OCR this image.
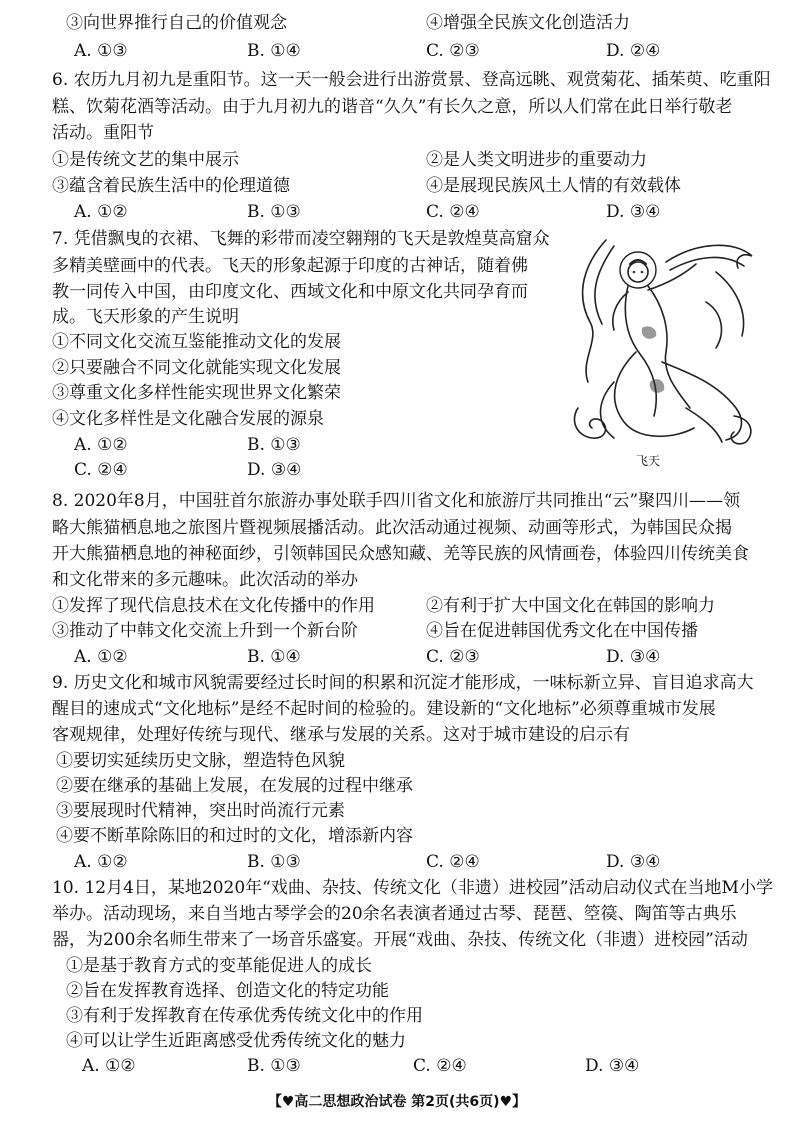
③向世界推行自己的价值观念	④增强全民族文化创造活力
A. ①③	B. ①④	C. ②③	D. ②④
6. 农历九月初九是重阳节。这一天一般会进行出游赏景、登高远眺、观赏菊花、插茱萸、吃重阳
糕、饮菊花酒等活动。由于九月初九的谐音“久久”有长久之意，所以人们常在此日举行敬老
活动。重阳节
①是传统文艺的集中展示	②是人类文明进步的重要动力
③蕴含着民族生活中的伦理道德	④是展现民族风土人情的有效载体
A. ①②	B. ①③	C. ②④	D. ③④
7. 凭借飘曳的衣裙、飞舞的彩带而凌空翱翔的飞天是敦煌莫高窟众
多精美壁画中的代表。飞天的形象起源于印度的古神话，随着佛
教一同传入中国，由印度文化、西域文化和中原文化共同孕育而
成。飞天形象的产生说明
①不同文化交流互鉴能推动文化的发展
②只要融合不同文化就能实现文化发展
③尊重文化多样性能实现世界文化繁荣
④文化多样性是文化融合发展的源泉
A. ①②	B. ①③
C. ②④	D. ③④	飞天
8. 2020年8月，中国驻首尔旅游办事处联手四川省文化和旅游厅共同推出“云”聚四川——领
略大熊猫栖息地之旅图片暨视频展播活动。此次活动通过视频、动画等形式，为韩国民众揭
开大熊猫栖息地的神秘面纱，引领韩国民众感知藏、羌等民族的风情画卷，体验四川传统美食
和文化带来的多元趣味。此次活动的举办
①发挥了现代信息技术在文化传播中的作用	②有利于扩大中国文化在韩国的影响力
③推动了中韩文化交流上升到一个新台阶	④旨在促进韩国优秀文化在中国传播
A. ①②	B. ①④	C. ②③	D. ③④
9. 历史文化和城市风貌需要经过长时间的积累和沉淀才能形成，一味标新立异、盲目追求高大
醒目的速成式“文化地标”是经不起时间的检验的。建设新的“文化地标”必须尊重城市发展
客观规律，处理好传统与现代、继承与发展的关系。这对于城市建设的启示有
①要切实延续历史文脉，塑造特色风貌
②要在继承的基础上发展，在发展的过程中继承
③要展现时代精神，突出时尚流行元素
④要不断革除陈旧的和过时的文化，增添新内容
A. ①②	B. ①③	C. ②④	D. ③④
10. 12月4日，某地2020年“戏曲、杂技、传统文化（非遗）进校园”活动启动仪式在当地M小学
举办。活动现场，来自当地古琴学会的20余名表演者通过古琴、琵琶、箜篌、陶笛等古典乐
器，为200余名师生带来了一场音乐盛宴。开展“戏曲、杂技、传统文化（非遗）进校园”活动
①是基于教育方式的变革能促进人的成长
②旨在发挥教育选择、创造文化的特定功能
③有利于发挥教育在传承优秀传统文化中的作用
④可以让学生近距离感受优秀传统文化的魅力
A. ①②	B. ①③	C. ②④	D. ③④
【♥高二思想政治试卷 第2页(共6页)♥】
